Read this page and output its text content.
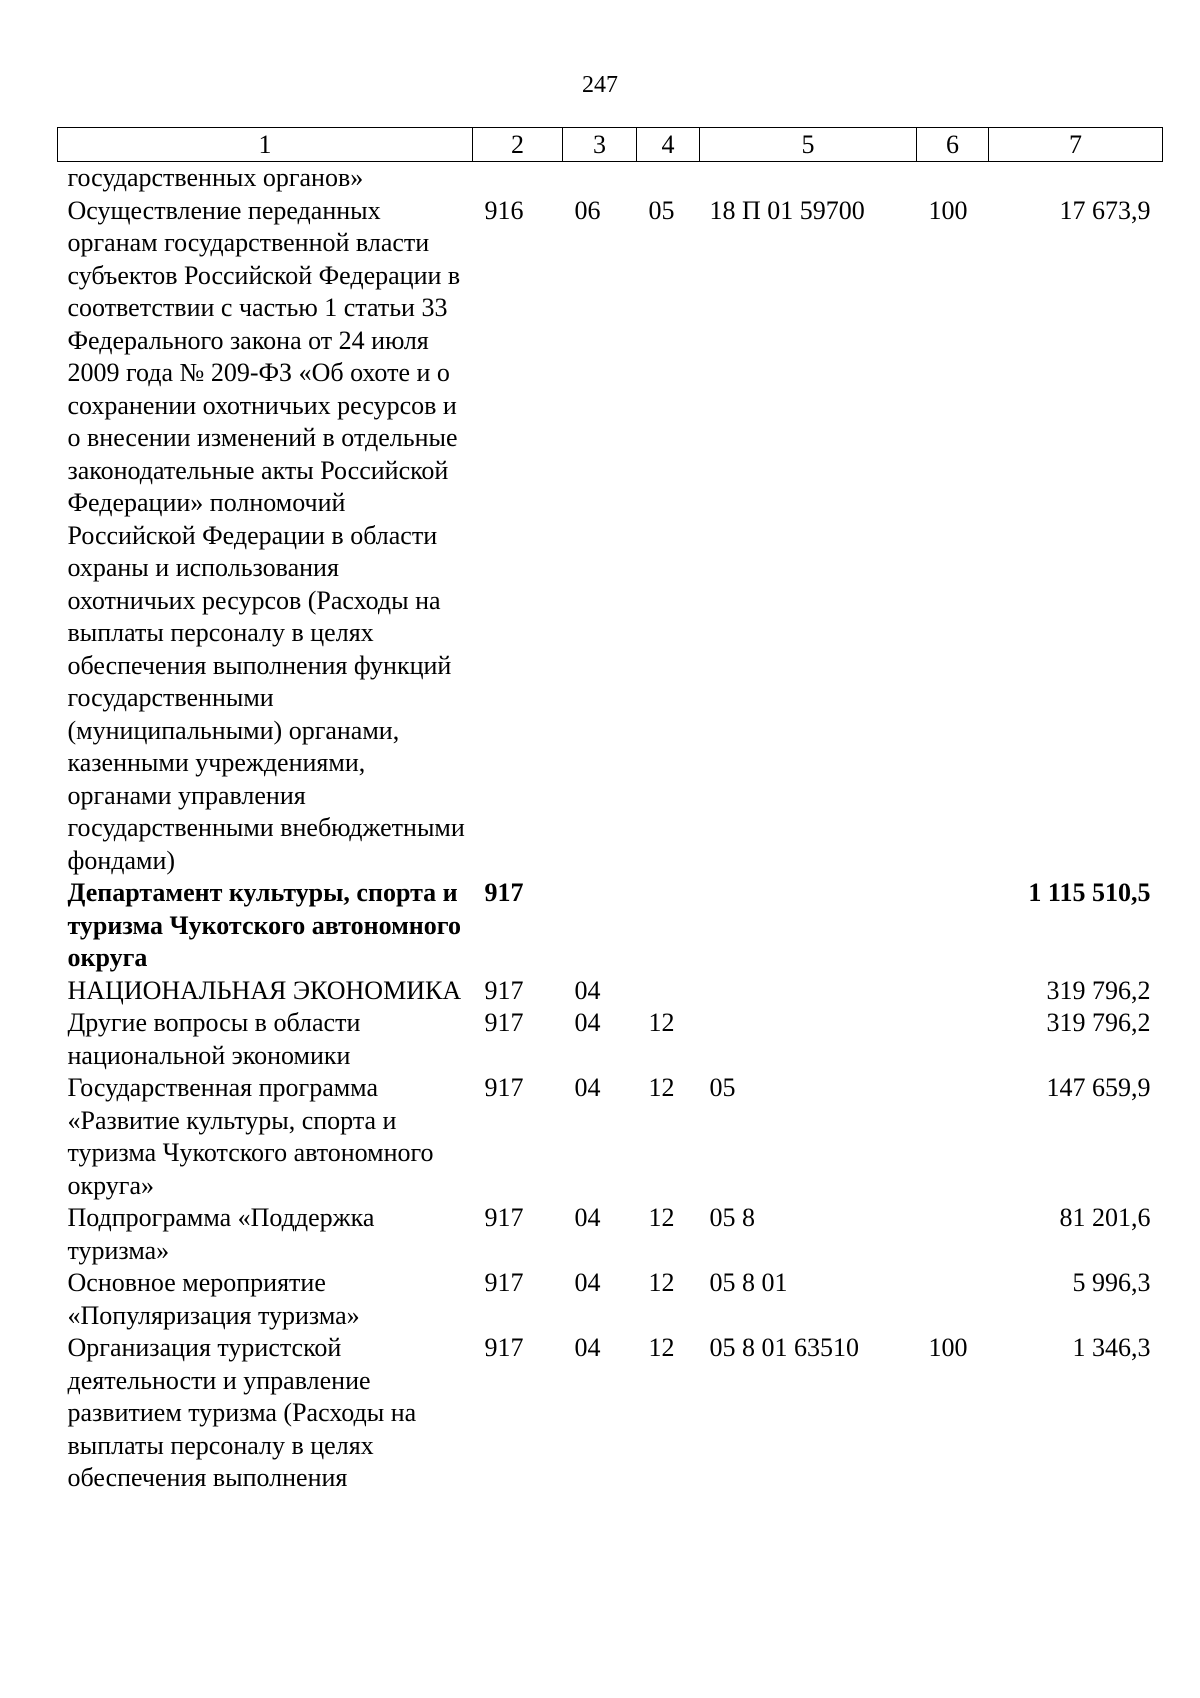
247
1	2	3	4	5	6	7
государственных органов»						
Осуществление переданных органам государственной власти субъектов Российской Федерации в соответствии с частью 1 статьи 33 Федерального закона от 24 июля 2009 года № 209-ФЗ «Об охоте и о сохранении охотничьих ресурсов и о внесении изменений в отдельные законодательные акты Российской Федерации» полномочий Российской Федерации в области охраны и использования охотничьих ресурсов (Расходы на выплаты персоналу в целях обеспечения выполнения функций государственными (муниципальными) органами, казенными учреждениями, органами управления государственными внебюджетными фондами)	916	06	05	18 П 01 59700	100	17 673,9
Департамент культуры, спорта и туризма Чукотского автономного округа	917					1 115 510,5
НАЦИОНАЛЬНАЯ ЭКОНОМИКА	917	04				319 796,2
Другие вопросы в области национальной экономики	917	04	12			319 796,2
Государственная программа «Развитие культуры, спорта и туризма Чукотского автономного округа»	917	04	12	05		147 659,9
Подпрограмма «Поддержка туризма»	917	04	12	05 8		81 201,6
Основное мероприятие «Популяризация туризма»	917	04	12	05 8 01		5 996,3
Организация туристской деятельности и управление развитием туризма (Расходы на выплаты персоналу в целях обеспечения выполнения	917	04	12	05 8 01 63510	100	1 346,3
